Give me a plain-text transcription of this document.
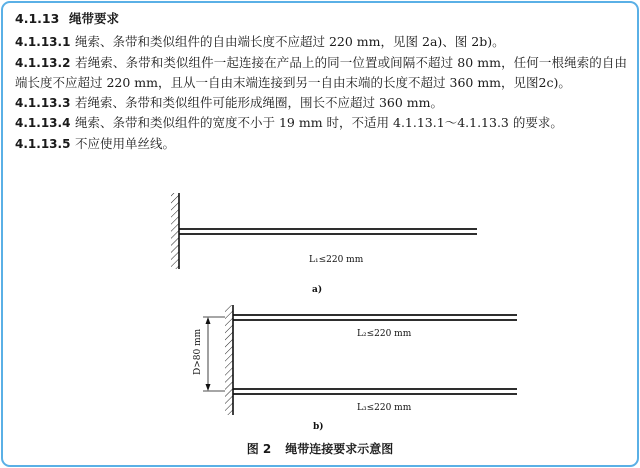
4.1.13 绳带要求

4.1.13.1 绳索、条带和类似组件的自由端长度不应超过 220 mm，见图 2a)、图 2b)。

4.1.13.2 若绳索、条带和类似组件一起连接在产品上的同一位置或间隔不超过 80 mm，任何一根绳索的自由端长度不应超过 220 mm，且从一自由末端连接到另一自由末端的长度不超过 360 mm，见图2c)。

4.1.13.3 若绳索、条带和类似组件可能形成绳圈，围长不应超过 360 mm。

4.1.13.4 绳索、条带和类似组件的宽度不小于 19 mm 时，不适用 4.1.13.1～4.1.13.3 的要求。

4.1.13.5 不应使用单丝线。

L₁≤220 mm
a)
D>80 mm	L₂≤220 mm
L₃≤220 mm
b)
图 2 绳带连接要求示意图
